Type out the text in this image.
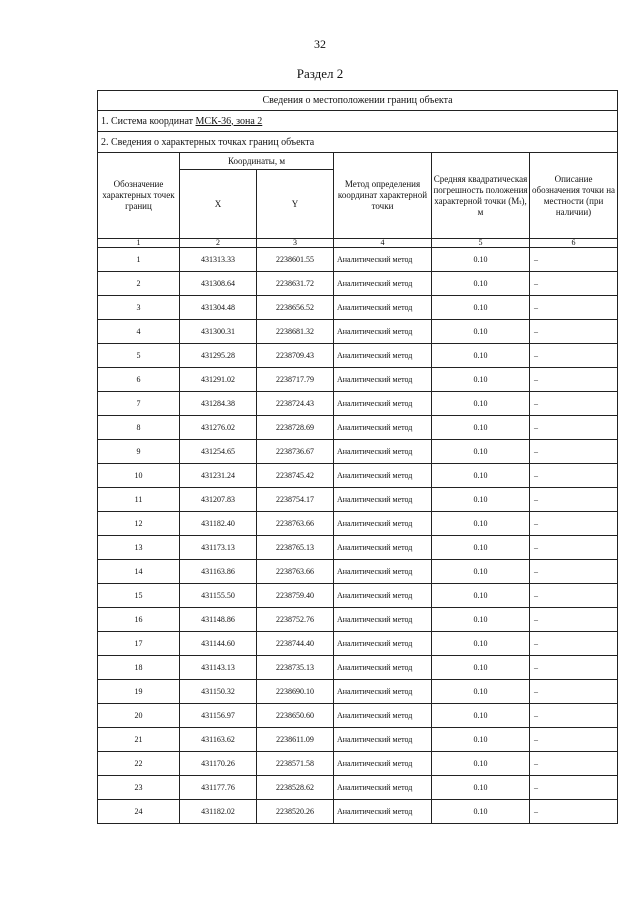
32
Раздел 2
Сведения о местоположении границ объекта					
1. Система координат МСК-36, зона 2					
2. Сведения о характерных точках границ объекта					
Обозначение характерных точек границ	Координаты, м		Метод определения координат характерной точки	Средняя квадратическая погрешность положения характерной точки (Mₜ), м	Описание обозначения точки на местности (при наличии)
	X	Y			
1	2	3	4	5	6
1	431313.33	2238601.55	Аналитический метод	0.10	–
2	431308.64	2238631.72	Аналитический метод	0.10	–
3	431304.48	2238656.52	Аналитический метод	0.10	–
4	431300.31	2238681.32	Аналитический метод	0.10	–
5	431295.28	2238709.43	Аналитический метод	0.10	–
6	431291.02	2238717.79	Аналитический метод	0.10	–
7	431284.38	2238724.43	Аналитический метод	0.10	–
8	431276.02	2238728.69	Аналитический метод	0.10	–
9	431254.65	2238736.67	Аналитический метод	0.10	–
10	431231.24	2238745.42	Аналитический метод	0.10	–
11	431207.83	2238754.17	Аналитический метод	0.10	–
12	431182.40	2238763.66	Аналитический метод	0.10	–
13	431173.13	2238765.13	Аналитический метод	0.10	–
14	431163.86	2238763.66	Аналитический метод	0.10	–
15	431155.50	2238759.40	Аналитический метод	0.10	–
16	431148.86	2238752.76	Аналитический метод	0.10	–
17	431144.60	2238744.40	Аналитический метод	0.10	–
18	431143.13	2238735.13	Аналитический метод	0.10	–
19	431150.32	2238690.10	Аналитический метод	0.10	–
20	431156.97	2238650.60	Аналитический метод	0.10	–
21	431163.62	2238611.09	Аналитический метод	0.10	–
22	431170.26	2238571.58	Аналитический метод	0.10	–
23	431177.76	2238528.62	Аналитический метод	0.10	–
24	431182.02	2238520.26	Аналитический метод	0.10	–
